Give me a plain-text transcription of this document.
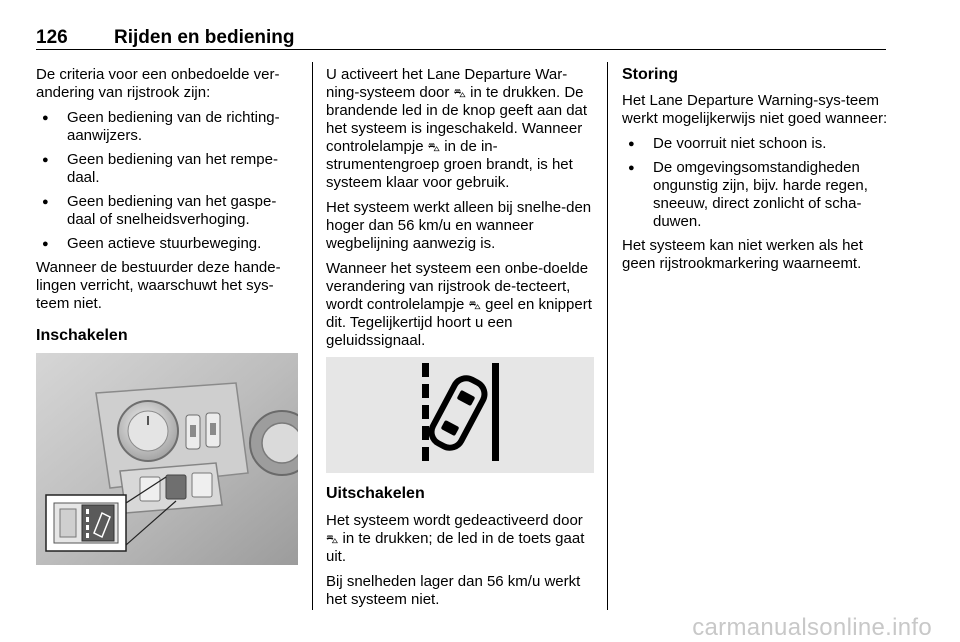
126 Rijden en bediening

De criteria voor een onbedoelde ver-andering van rijstrook zijn:

● Geen bediening van de richting-aanwijzers.
● Geen bediening van het rempe-daal.
● Geen bediening van het gaspe-daal of snelheidsverhoging.
● Geen actieve stuurbeweging.

Wanneer de bestuurder deze hande-lingen verricht, waarschuwt het sys-teem niet.

Inschakelen

U activeert het Lane Departure War-ning-systeem door ⛍ in te drukken. De brandende led in de knop geeft aan dat het systeem is ingeschakeld. Wanneer controlelampje ⛍ in de in-strumentengroep groen brandt, is het systeem klaar voor gebruik.

Het systeem werkt alleen bij snelhe-den hoger dan 56 km/u en wanneer wegbelijning aanwezig is.

Wanneer het systeem een onbe-doelde verandering van rijstrook de-tecteert, wordt controlelampje ⛍ geel en knippert dit. Tegelijkertijd hoort u een geluidssignaal.

Uitschakelen

Het systeem wordt gedeactiveerd door ⛍ in te drukken; de led in de toets gaat uit.

Bij snelheden lager dan 56 km/u werkt het systeem niet.

Storing

Het Lane Departure Warning-sys-teem werkt mogelijkerwijs niet goed wanneer:

● De voorruit niet schoon is.
● De omgevingsomstandigheden ongunstig zijn, bijv. harde regen, sneeuw, direct zonlicht of scha-duwen.

Het systeem kan niet werken als het geen rijstrookmarkering waarneemt.

carmanualsonline.info
